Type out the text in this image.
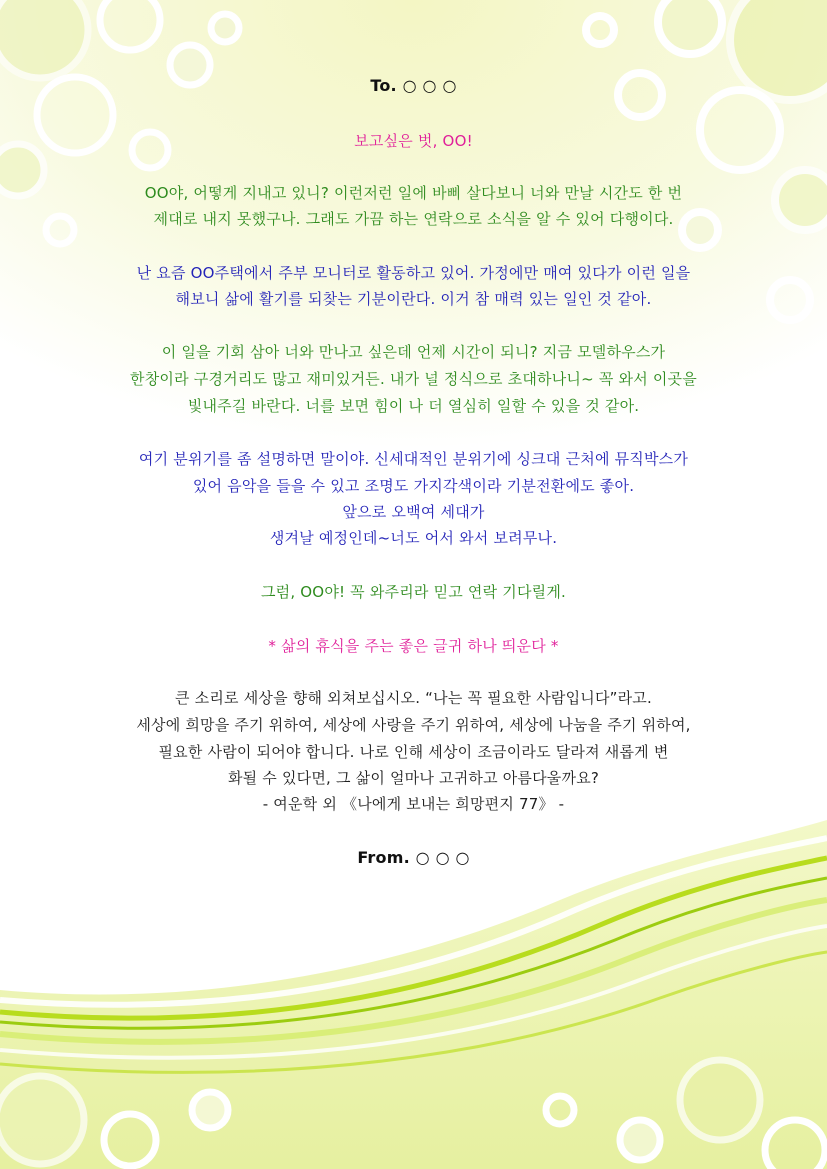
To. ○ ○ ○
보고싶은 벗, OO!
OO야, 어떻게 지내고 있니? 이런저런 일에 바삐 살다보니 너와 만날 시간도 한 번
제대로 내지 못했구나. 그래도 가끔 하는 연락으로 소식을 알 수 있어 다행이다.
난 요즘 OO주택에서 주부 모니터로 활동하고 있어. 가정에만 매여 있다가 이런 일을
해보니 삶에 활기를 되찾는 기분이란다. 이거 참 매력 있는 일인 것 같아.
이 일을 기회 삼아 너와 만나고 싶은데 언제 시간이 되니? 지금 모델하우스가
한창이라 구경거리도 많고 재미있거든. 내가 널 정식으로 초대하나니~ 꼭 와서 이곳을
빛내주길 바란다. 너를 보면 힘이 나 더 열심히 일할 수 있을 것 같아.
여기 분위기를 좀 설명하면 말이야. 신세대적인 분위기에 싱크대 근처에 뮤직박스가
있어 음악을 들을 수 있고 조명도 가지각색이라 기분전환에도 좋아.
앞으로 오백여 세대가
생겨날 예정인데~너도 어서 와서 보려무나.
그럼, OO야! 꼭 와주리라 믿고 연락 기다릴게.
* 삶의 휴식을 주는 좋은 글귀 하나 띄운다 *
큰 소리로 세상을 향해 외쳐보십시오. “나는 꼭 필요한 사람입니다”라고.
세상에 희망을 주기 위하여, 세상에 사랑을 주기 위하여, 세상에 나눔을 주기 위하여,
필요한 사람이 되어야 합니다. 나로 인해 세상이 조금이라도 달라져 새롭게 변
화될 수 있다면, 그 삶이 얼마나 고귀하고 아름다울까요?
- 여운학 외 《나에게 보내는 희망편지 77》 -
From. ○ ○ ○
